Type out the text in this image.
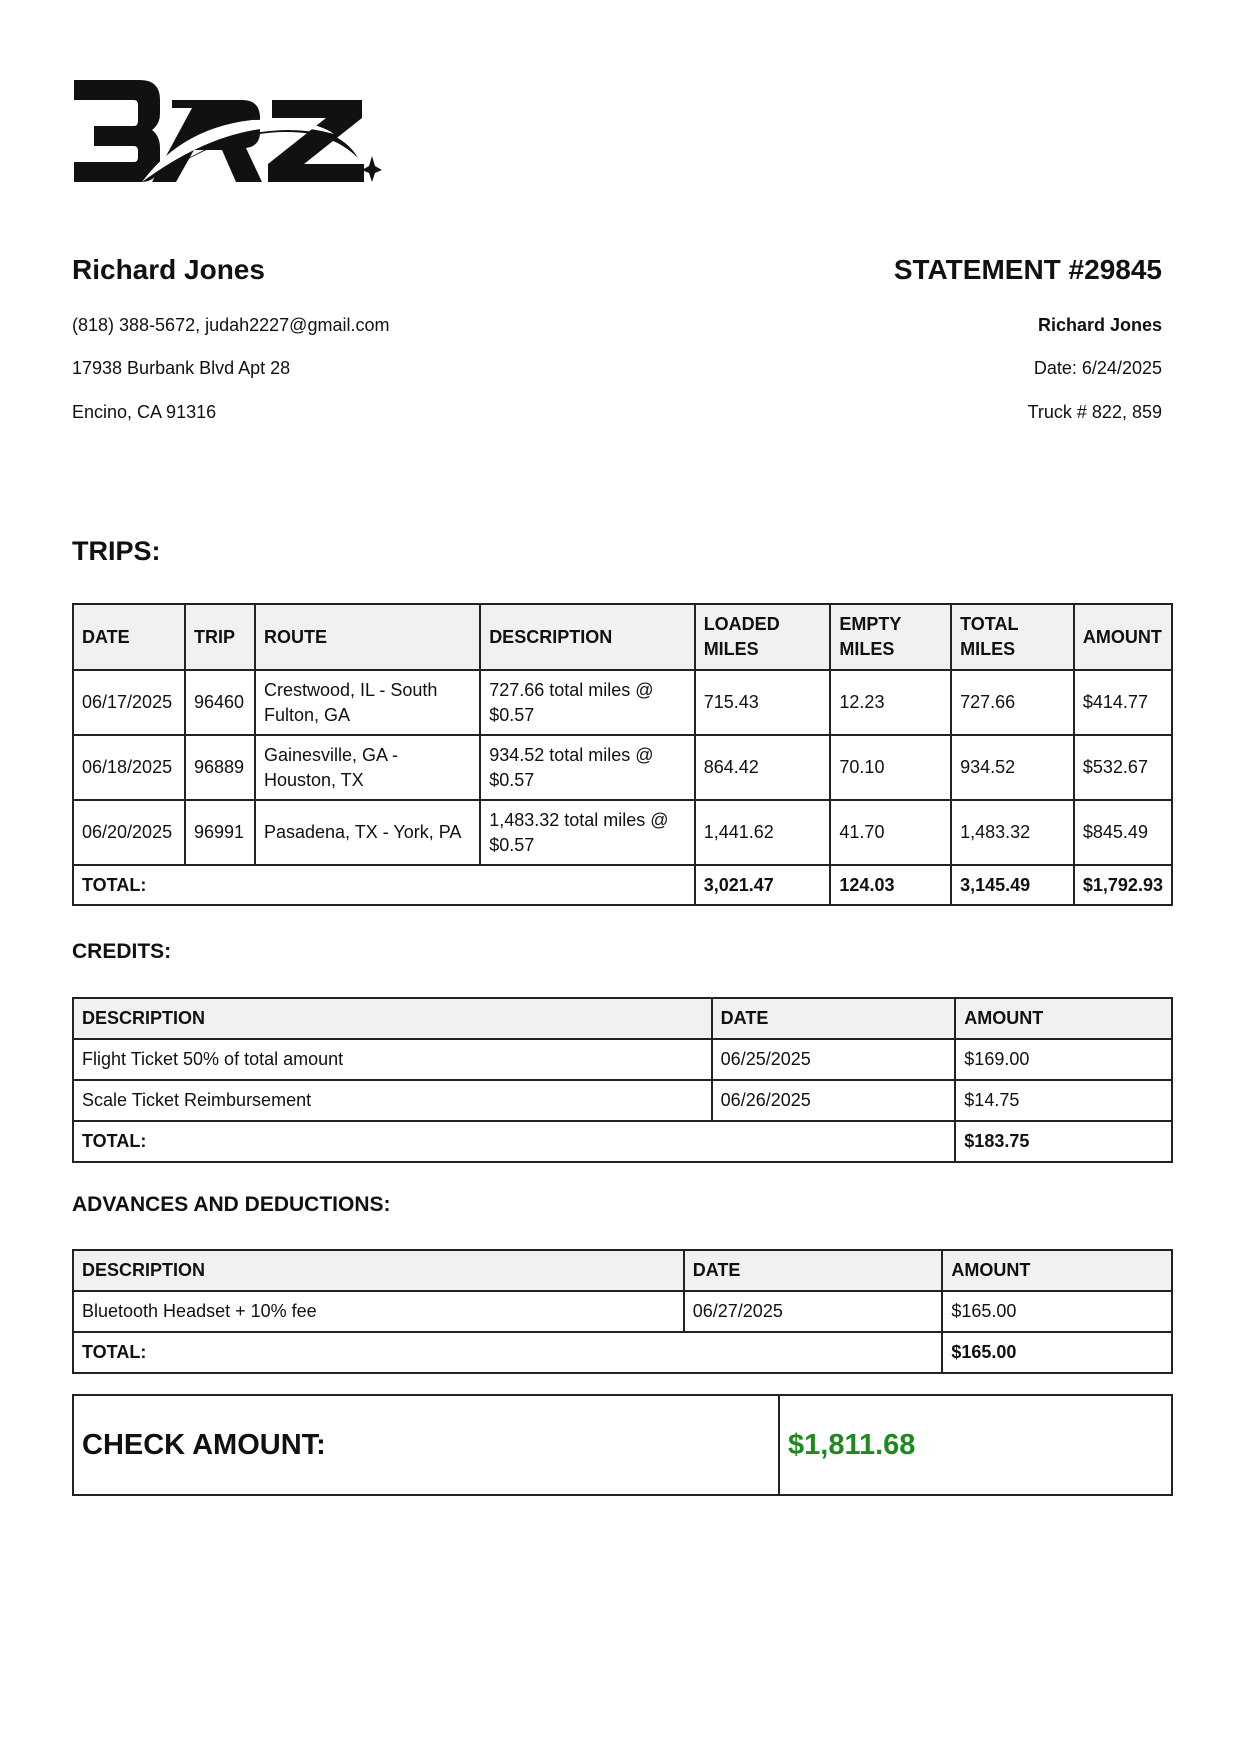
Richard Jones
(818) 388-5672, judah2227@gmail.com
17938 Burbank Blvd Apt 28
Encino, CA 91316
STATEMENT #29845
Richard Jones
Date: 6/24/2025
Truck # 822, 859
TRIPS:
DATE	TRIP	ROUTE	DESCRIPTION	LOADED MILES	EMPTY MILES	TOTAL MILES	AMOUNT
06/17/2025	96460	Crestwood, IL - South Fulton, GA	727.66 total miles @ $0.57	715.43	12.23	727.66	$414.77
06/18/2025	96889	Gainesville, GA - Houston, TX	934.52 total miles @ $0.57	864.42	70.10	934.52	$532.67
06/20/2025	96991	Pasadena, TX - York, PA	1,483.32 total miles @ $0.57	1,441.62	41.70	1,483.32	$845.49
TOTAL:				3,021.47	124.03	3,145.49	$1,792.93
CREDITS:
DESCRIPTION	DATE	AMOUNT
Flight Ticket 50% of total amount	06/25/2025	$169.00
Scale Ticket Reimbursement	06/26/2025	$14.75
TOTAL:		$183.75
ADVANCES AND DEDUCTIONS:
DESCRIPTION	DATE	AMOUNT
Bluetooth Headset + 10% fee	06/27/2025	$165.00
TOTAL:		$165.00
CHECK AMOUNT:	$1,811.68
